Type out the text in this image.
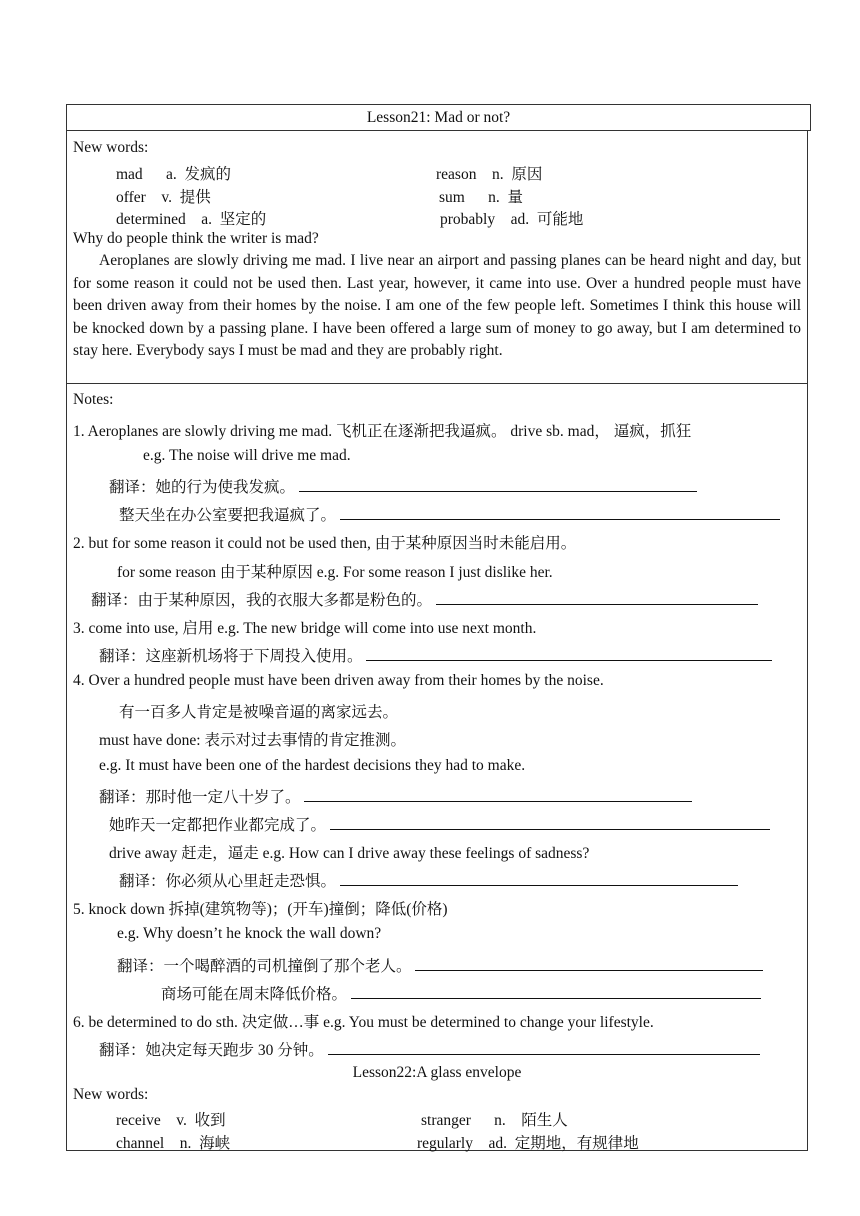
Lesson21: Mad or not?
New words:
mad a. 发疯的	reason n. 原因
offer v. 提供	sum n. 量
determined a. 坚定的	probably ad. 可能地
Why do people think the writer is mad?

Aeroplanes are slowly driving me mad. I live near an airport and passing planes can be heard night and day, but for some reason it could not be used then. Last year, however, it came into use. Over a hundred people must have been driven away from their homes by the noise. I am one of the few people left. Sometimes I think this house will be knocked down by a passing plane. I have been offered a large sum of money to go away, but I am determined to stay here. Everybody says I must be mad and they are probably right.

Notes:
1. Aeroplanes are slowly driving me mad. 飞机正在逐渐把我逼疯。 drive sb. mad， 逼疯，抓狂
e.g. The noise will drive me mad.
翻译：她的行为使我发疯。
整天坐在办公室要把我逼疯了。
2. but for some reason it could not be used then, 由于某种原因当时未能启用。
for some reason 由于某种原因 e.g. For some reason I just dislike her.
翻译：由于某种原因，我的衣服大多都是粉色的。
3. come into use, 启用 e.g. The new bridge will come into use next month.
翻译：这座新机场将于下周投入使用。
4. Over a hundred people must have been driven away from their homes by the noise.
有一百多人肯定是被噪音逼的离家远去。
must have done: 表示对过去事情的肯定推测。
e.g. It must have been one of the hardest decisions they had to make.
翻译：那时他一定八十岁了。
她昨天一定都把作业都完成了。
drive away 赶走，逼走 e.g. How can I drive away these feelings of sadness?
翻译：你必须从心里赶走恐惧。
5. knock down 拆掉(建筑物等)；(开车)撞倒；降低(价格)
e.g. Why doesn’t he knock the wall down?
翻译：一个喝醉酒的司机撞倒了那个老人。
商场可能在周末降低价格。
6. be determined to do sth. 决定做…事 e.g. You must be determined to change your lifestyle.
翻译：她决定每天跑步 30 分钟。
Lesson22:A glass envelope
New words:
receive v. 收到	stranger n. 陌生人
channel n. 海峡	regularly ad. 定期地，有规律地
